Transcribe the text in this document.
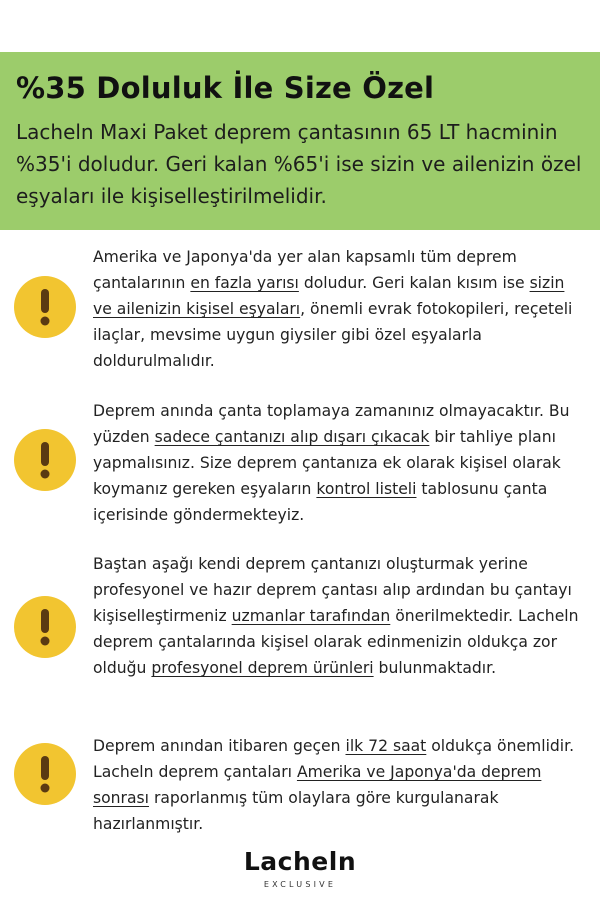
%35 Doluluk İle Size Özel

Lacheln Maxi Paket deprem çantasının 65 LT hacminin %35'i doludur. Geri kalan %65'i ise sizin ve ailenizin özel eşyaları ile kişiselleştirilmelidir.

Amerika ve Japonya'da yer alan kapsamlı tüm deprem çantalarının en fazla yarısı doludur. Geri kalan kısım ise sizin ve ailenizin kişisel eşyaları, önemli evrak fotokopileri, reçeteli ilaçlar, mevsime uygun giysiler gibi özel eşyalarla doldurulmalıdır.
Deprem anında çanta toplamaya zamanınız olmayacaktır. Bu yüzden sadece çantanızı alıp dışarı çıkacak bir tahliye planı yapmalısınız. Size deprem çantanıza ek olarak kişisel olarak koymanız gereken eşyaların kontrol listeli tablosunu çanta içerisinde göndermekteyiz.
Baştan aşağı kendi deprem çantanızı oluşturmak yerine profesyonel ve hazır deprem çantası alıp ardından bu çantayı kişiselleştirmeniz uzmanlar tarafından önerilmektedir. Lacheln deprem çantalarında kişisel olarak edinmenizin oldukça zor olduğu profesyonel deprem ürünleri bulunmaktadır.
Deprem anından itibaren geçen ilk 72 saat oldukça önemlidir. Lacheln deprem çantaları Amerika ve Japonya'da deprem sonrası raporlanmış tüm olaylara göre kurgulanarak hazırlanmıştır.
Lacheln
EXCLUSIVE
